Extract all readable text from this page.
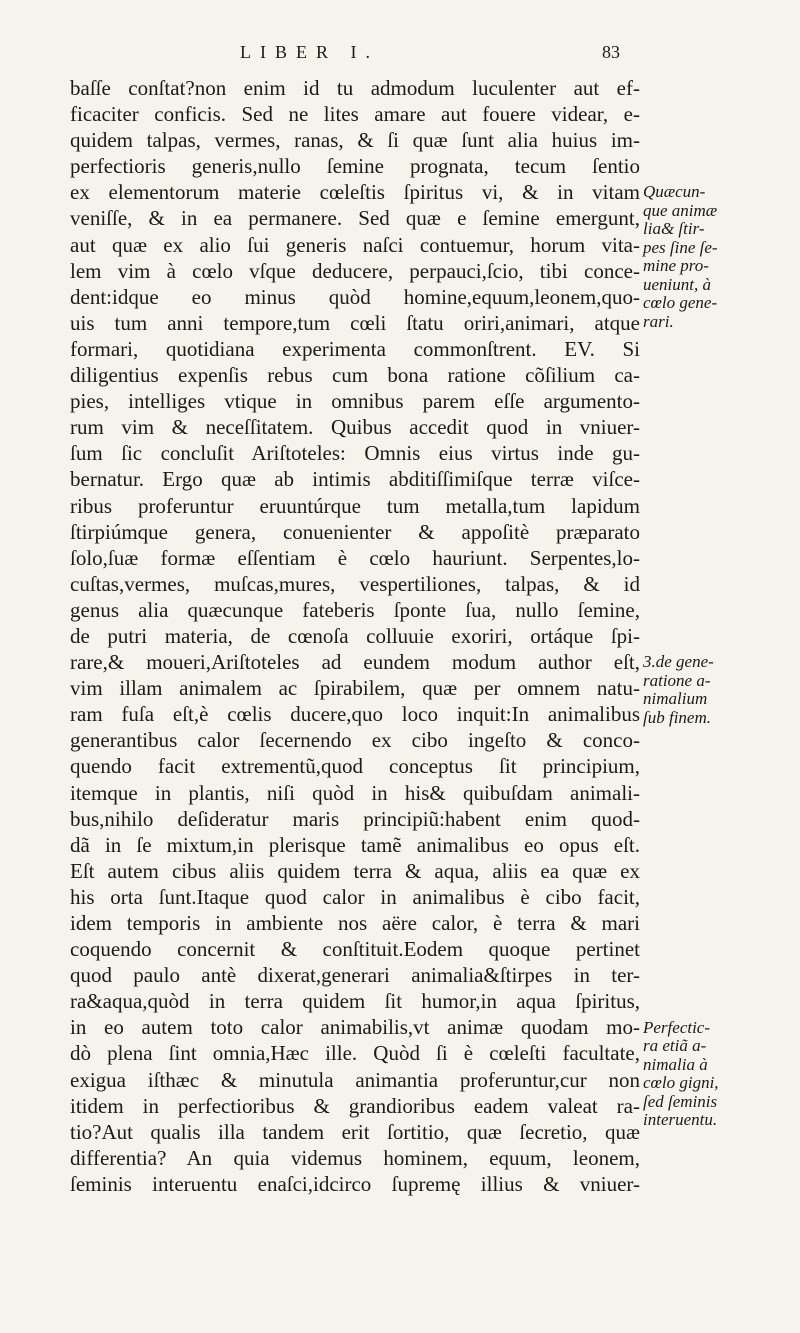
LIBER I.	83
baſſe conſtat?non enim id tu admodum luculenter aut ef-
ficaciter conficis. Sed ne lites amare aut fouere videar, e-
quidem talpas, vermes, ranas, & ſi quæ ſunt alia huius im-
perfectioris generis,nullo ſemine prognata, tecum ſentio
ex elementorum materie cœleſtis ſpiritus vi, & in vitam
veniſſe, & in ea permanere. Sed quæ e ſemine emergunt,
aut quæ ex alio ſui generis naſci contuemur, horum vita-
lem vim à cœlo vſque deducere, perpauci,ſcio, tibi conce-
dent:idque eo minus quòd homine,equum,leonem,quo-
uis tum anni tempore,tum cœli ſtatu oriri,animari, atque
formari, quotidiana experimenta commonſtrent. EV. Si
diligentius expenſis rebus cum bona ratione cõſilium ca-
pies, intelliges vtique in omnibus parem eſſe argumento-
rum vim & neceſſitatem. Quibus accedit quod in vniuer-
ſum ſic concluſit Ariſtoteles: Omnis eius virtus inde gu-
bernatur. Ergo quæ ab intimis abditiſſimiſque terræ viſce-
ribus proferuntur eruuntúrque tum metalla,tum lapidum
ſtirpiúmque genera, conuenienter & appoſitè præparato
ſolo,ſuæ formæ eſſentiam è cœlo hauriunt. Serpentes,lo-
cuſtas,vermes, muſcas,mures, vespertiliones, talpas, & id
genus alia quæcunque fateberis ſponte ſua, nullo ſemine,
de putri materia, de cœnoſa colluuie exoriri, ortáque ſpi-
rare,& moueri,Ariſtoteles ad eundem modum author eſt,
vim illam animalem ac ſpirabilem, quæ per omnem natu-
ram fuſa eſt,è cœlis ducere,quo loco inquit:In animalibus
generantibus calor ſecernendo ex cibo ingeſto & conco-
quendo facit extrementũ,quod conceptus ſit principium,
itemque in plantis, niſi quòd in his& quibuſdam animali-
bus,nihilo deſideratur maris principiũ:habent enim quod-
dã in ſe mixtum,in plerisque tamẽ animalibus eo opus eſt.
Eſt autem cibus aliis quidem terra & aqua, aliis ea quæ ex
his orta ſunt.Itaque quod calor in animalibus è cibo facit,
idem temporis in ambiente nos aëre calor, è terra & mari
coquendo concernit & conſtituit.Eodem quoque pertinet
quod paulo antè dixerat,generari animalia&ſtirpes in ter-
ra&aqua,quòd in terra quidem ſit humor,in aqua ſpiritus,
in eo autem toto calor animabilis,vt animæ quodam mo-
dò plena ſint omnia,Hæc ille. Quòd ſi è cœleſti facultate,
exigua iſthæc & minutula animantia proferuntur,cur non
itidem in perfectioribus & grandioribus eadem valeat ra-
tio?Aut qualis illa tandem erit ſortitio, quæ ſecretio, quæ
differentia? An quia videmus hominem, equum, leonem,
ſeminis interuentu enaſci,idcirco ſupremę illius & vniuer-
Quæcun-
que animæ
lia& ſtir-
pes ſine ſe-
mine pro-
ueniunt, à
cœlo gene-
rari.
3.de gene-
ratione a-
nimalium
ſub finem.
Perfectic-
ra etiã a-
nimalia à
cœlo gigni,
ſed ſeminis
interuentu.
